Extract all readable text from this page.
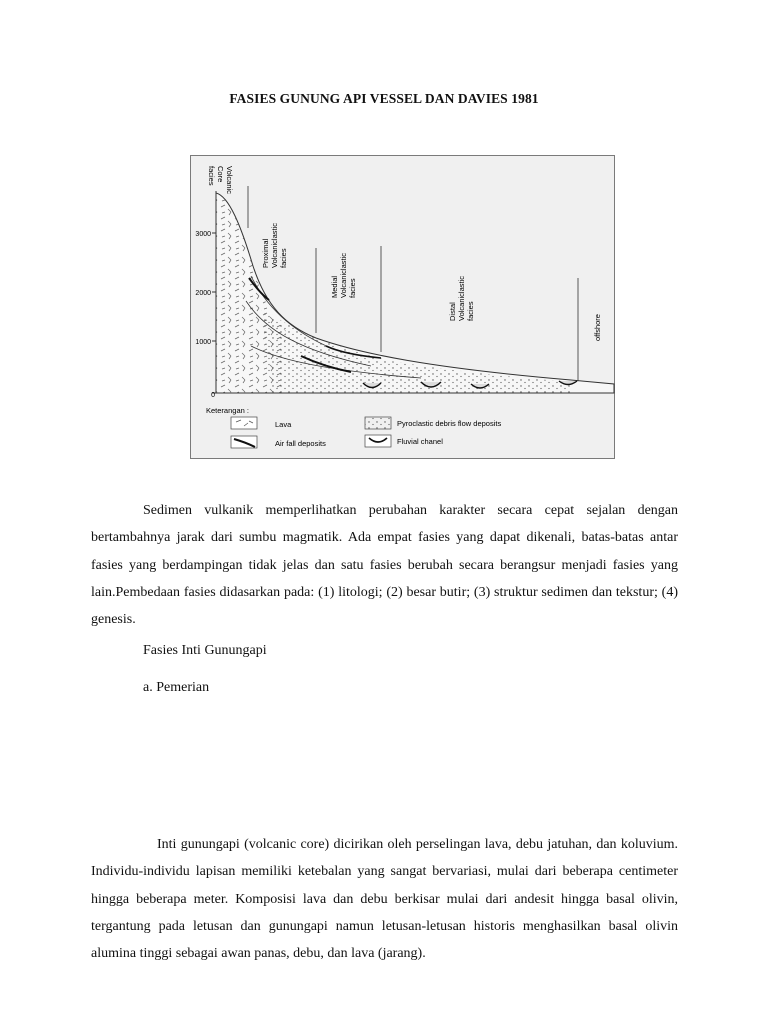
FASIES GUNUNG API VESSEL DAN DAVIES 1981
3000
2000
1000
0
Volcanic
Core
facies
Proximal Volcaniclastic facies
Medial Volcaniclastic facies
Distal Volcaniclastic facies
offshore
Keterangan :
Lava
Air fall deposits
Pyroclastic debris flow deposits
Fluvial chanel

Sedimen vulkanik memperlihatkan perubahan karakter secara cepat sejalan dengan bertambahnya jarak dari sumbu magmatik. Ada empat fasies yang dapat dikenali, batas-batas antar fasies yang berdampingan tidak jelas dan satu fasies berubah secara berangsur menjadi fasies yang lain.Pembedaan fasies didasarkan pada: (1) litologi; (2) besar butir; (3) struktur sedimen dan tekstur; (4) genesis.

Fasies Inti Gunungapi

a. Pemerian

Inti gunungapi (volcanic core) dicirikan oleh perselingan lava, debu jatuhan, dan koluvium. Individu-individu lapisan memiliki ketebalan yang sangat bervariasi, mulai dari beberapa centimeter hingga beberapa meter. Komposisi lava dan debu berkisar mulai dari andesit hingga basal olivin, tergantung pada letusan dan gunungapi namun letusan-letusan historis menghasilkan basal olivin alumina tinggi sebagai awan panas, debu, dan lava (jarang).
